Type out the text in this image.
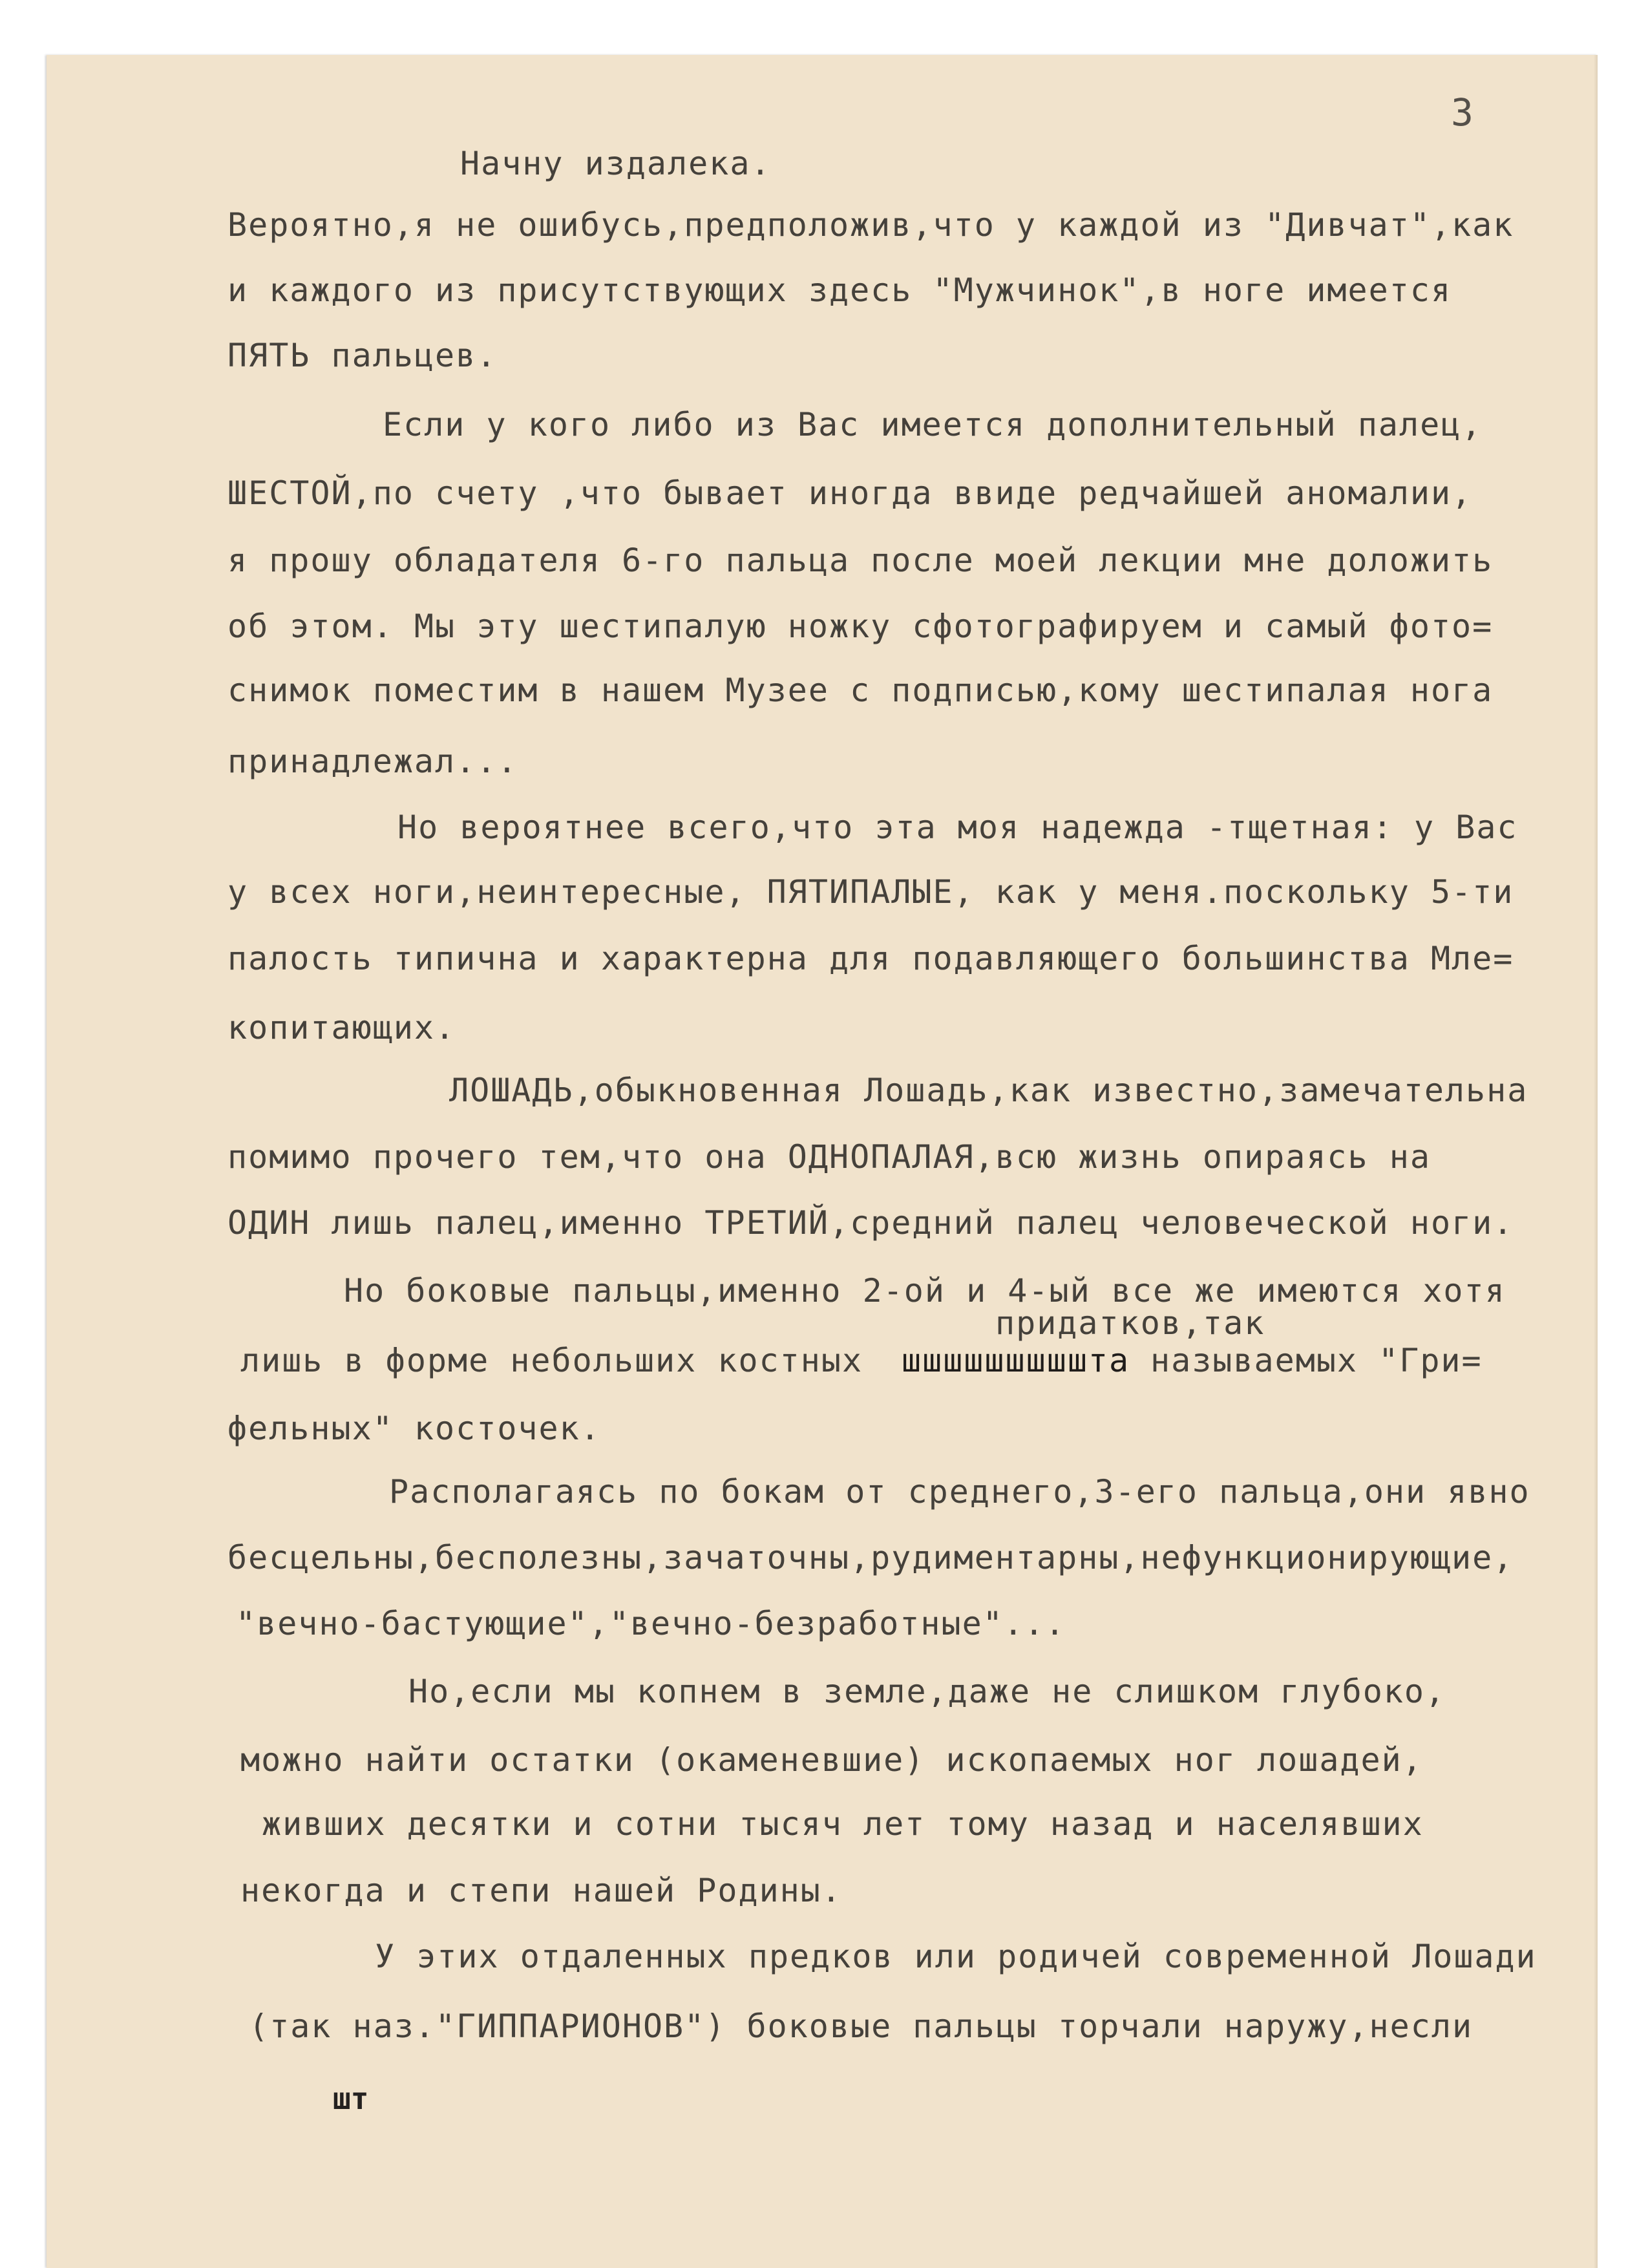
3
Начну издалека.
Вероятно,я не ошибусь,предположив,что у каждой из "Дивчат",как
и каждого из присутствующих здесь "Мужчинок",в ноге имеется
ПЯТЬ пальцев.
Если у кого либо из Вас имеется дополнительный палец,
ШЕСТОЙ,по счету ,что бывает иногда ввиде редчайшей аномалии,
я прошу обладателя 6-го пальца после моей лекции мне доложить
об этом. Мы эту шестипалую ножку сфотографируем и самый фото=
снимок поместим в нашем Музее с подписью,кому шестипалая нога
принадлежал...
Но вероятнее всего,что эта моя надежда -тщетная: у Вас
у всех ноги,неинтересные, ПЯТИПАЛЫЕ, как у меня.поскольку 5-ти
палость типична и характерна для подавляющего большинства Мле=
копитающих.
ЛОШАДЬ,обыкновенная Лошадь,как известно,замечательна
помимо прочего тем,что она ОДНОПАЛАЯ,всю жизнь опираясь на
ОДИН лишь палец,именно ТРЕТИЙ,средний палец человеческой ноги.
Но боковые пальцы,именно 2-ой и 4-ый все же имеются хотя
придатков,так
лишь в форме небольших костных шшшшшшшшшта называемых "Гри=
фельных" косточек.
Располагаясь по бокам от среднего,3-его пальца,они явно
бесцельны,бесполезны,зачаточны,рудиментарны,нефункционирующие,
"вечно-бастующие","вечно-безработные"...
Но,если мы копнем в земле,даже не слишком глубоко,
можно найти остатки (окаменевшие) ископаемых ног лошадей,
живших десятки и сотни тысяч лет тому назад и населявших
некогда и степи нашей Родины.
У этих отдаленных предков или родичей современной Лошади
(так наз."ГИППАРИОНОВ") боковые пальцы торчали наружу,несли
шт
